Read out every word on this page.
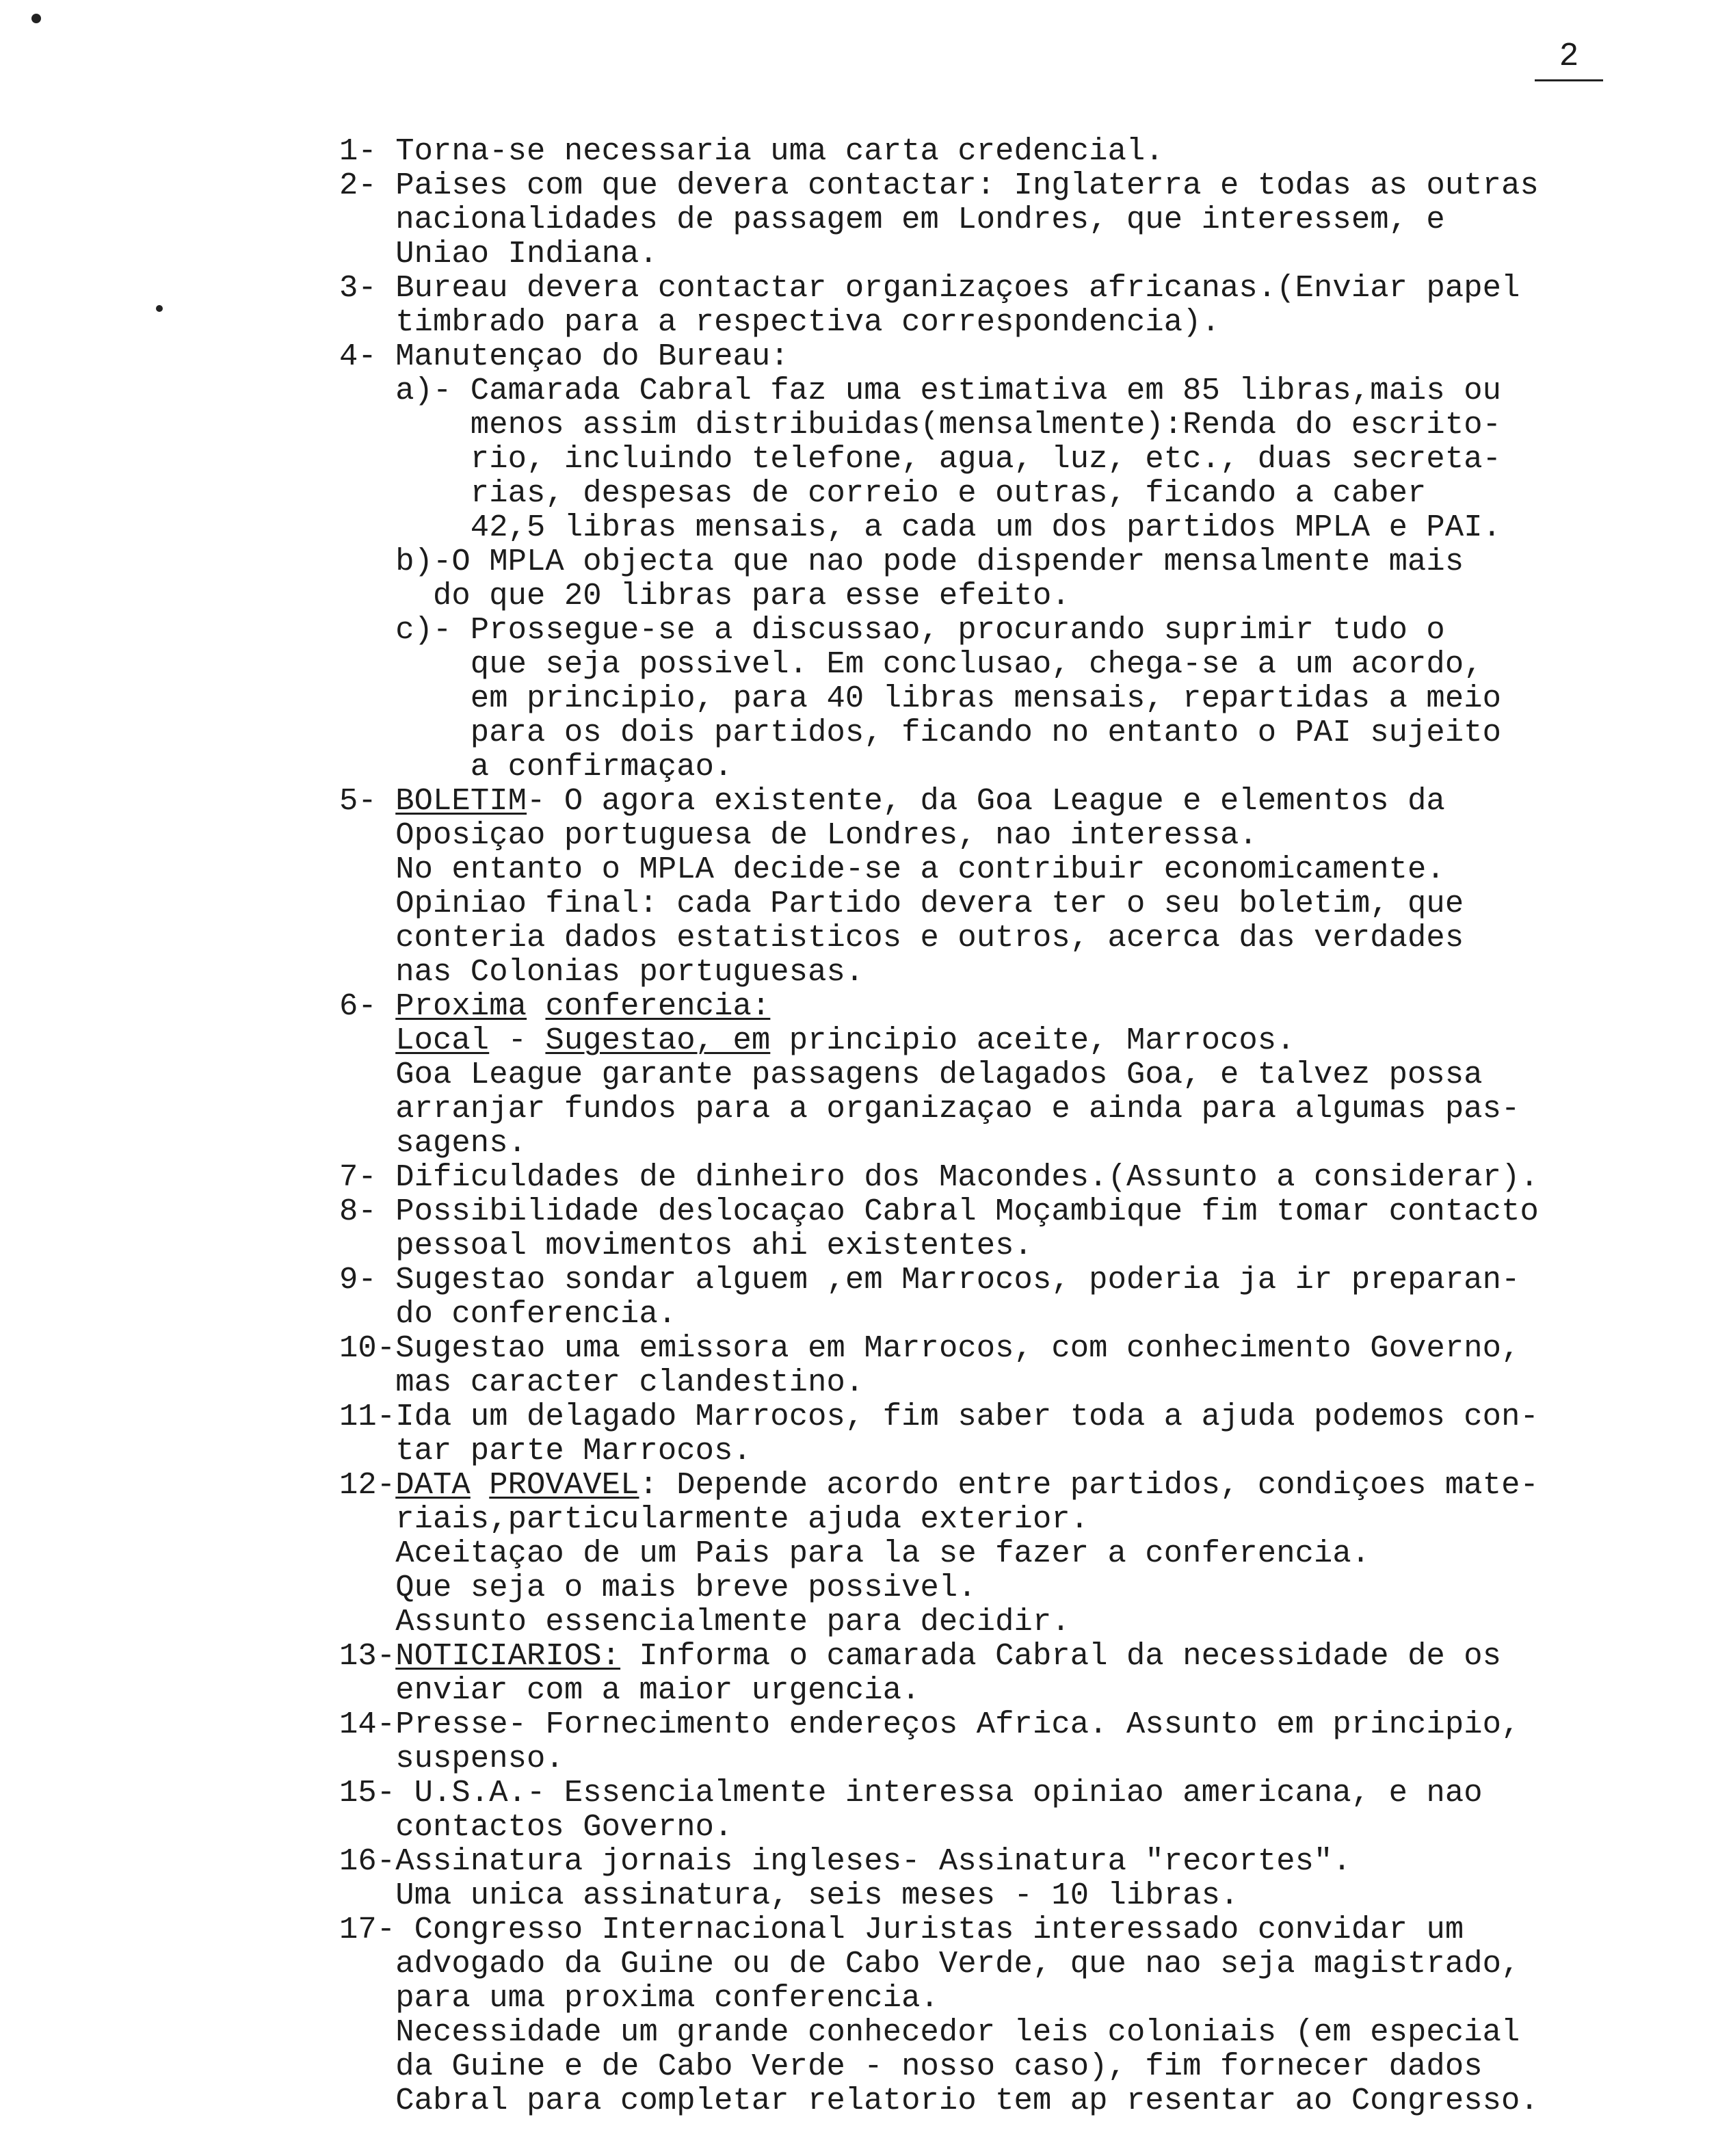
2
1- Torna-se necessaria uma carta credencial.
2- Paises com que devera contactar: Inglaterra e todas as outras
nacionalidades de passagem em Londres, que interessem, e
Uniao Indiana.
3- Bureau devera contactar organizaçoes africanas.(Enviar papel
timbrado para a respectiva correspondencia).
4- Manutençao do Bureau:
a)- Camarada Cabral faz uma estimativa em 85 libras,mais ou
menos assim distribuidas(mensalmente):Renda do escrito-
rio, incluindo telefone, agua, luz, etc., duas secreta-
rias, despesas de correio e outras, ficando a caber
42,5 libras mensais, a cada um dos partidos MPLA e PAI.
b)-O MPLA objecta que nao pode dispender mensalmente mais
do que 20 libras para esse efeito.
c)- Prossegue-se a discussao, procurando suprimir tudo o
que seja possivel. Em conclusao, chega-se a um acordo,
em principio, para 40 libras mensais, repartidas a meio
para os dois partidos, ficando no entanto o PAI sujeito
a confirmaçao.
5- BOLETIM- O agora existente, da Goa League e elementos da
Oposiçao portuguesa de Londres, nao interessa.
No entanto o MPLA decide-se a contribuir economicamente.
Opiniao final: cada Partido devera ter o seu boletim, que
conteria dados estatisticos e outros, acerca das verdades
nas Colonias portuguesas.
6- Proxima conferencia:
Local - Sugestao, em principio aceite, Marrocos.
Goa League garante passagens delagados Goa, e talvez possa
arranjar fundos para a organizaçao e ainda para algumas pas-
sagens.
7- Dificuldades de dinheiro dos Macondes.(Assunto a considerar).
8- Possibilidade deslocaçao Cabral Moçambique fim tomar contacto
pessoal movimentos ahi existentes.
9- Sugestao sondar alguem ,em Marrocos, poderia ja ir preparan-
do conferencia.
10-Sugestao uma emissora em Marrocos, com conhecimento Governo,
mas caracter clandestino.
11-Ida um delagado Marrocos, fim saber toda a ajuda podemos con-
tar parte Marrocos.
12-DATA PROVAVEL: Depende acordo entre partidos, condiçoes mate-
riais,particularmente ajuda exterior.
Aceitaçao de um Pais para la se fazer a conferencia.
Que seja o mais breve possivel.
Assunto essencialmente para decidir.
13-NOTICIARIOS: Informa o camarada Cabral da necessidade de os
enviar com a maior urgencia.
14-Presse- Fornecimento endereços Africa. Assunto em principio,
suspenso.
15- U.S.A.- Essencialmente interessa opiniao americana, e nao
contactos Governo.
16-Assinatura jornais ingleses- Assinatura "recortes".
Uma unica assinatura, seis meses - 10 libras.
17- Congresso Internacional Juristas interessado convidar um
advogado da Guine ou de Cabo Verde, que nao seja magistrado,
para uma proxima conferencia.
Necessidade um grande conhecedor leis coloniais (em especial
da Guine e de Cabo Verde - nosso caso), fim fornecer dados
Cabral para completar relatorio tem ap resentar ao Congresso.
